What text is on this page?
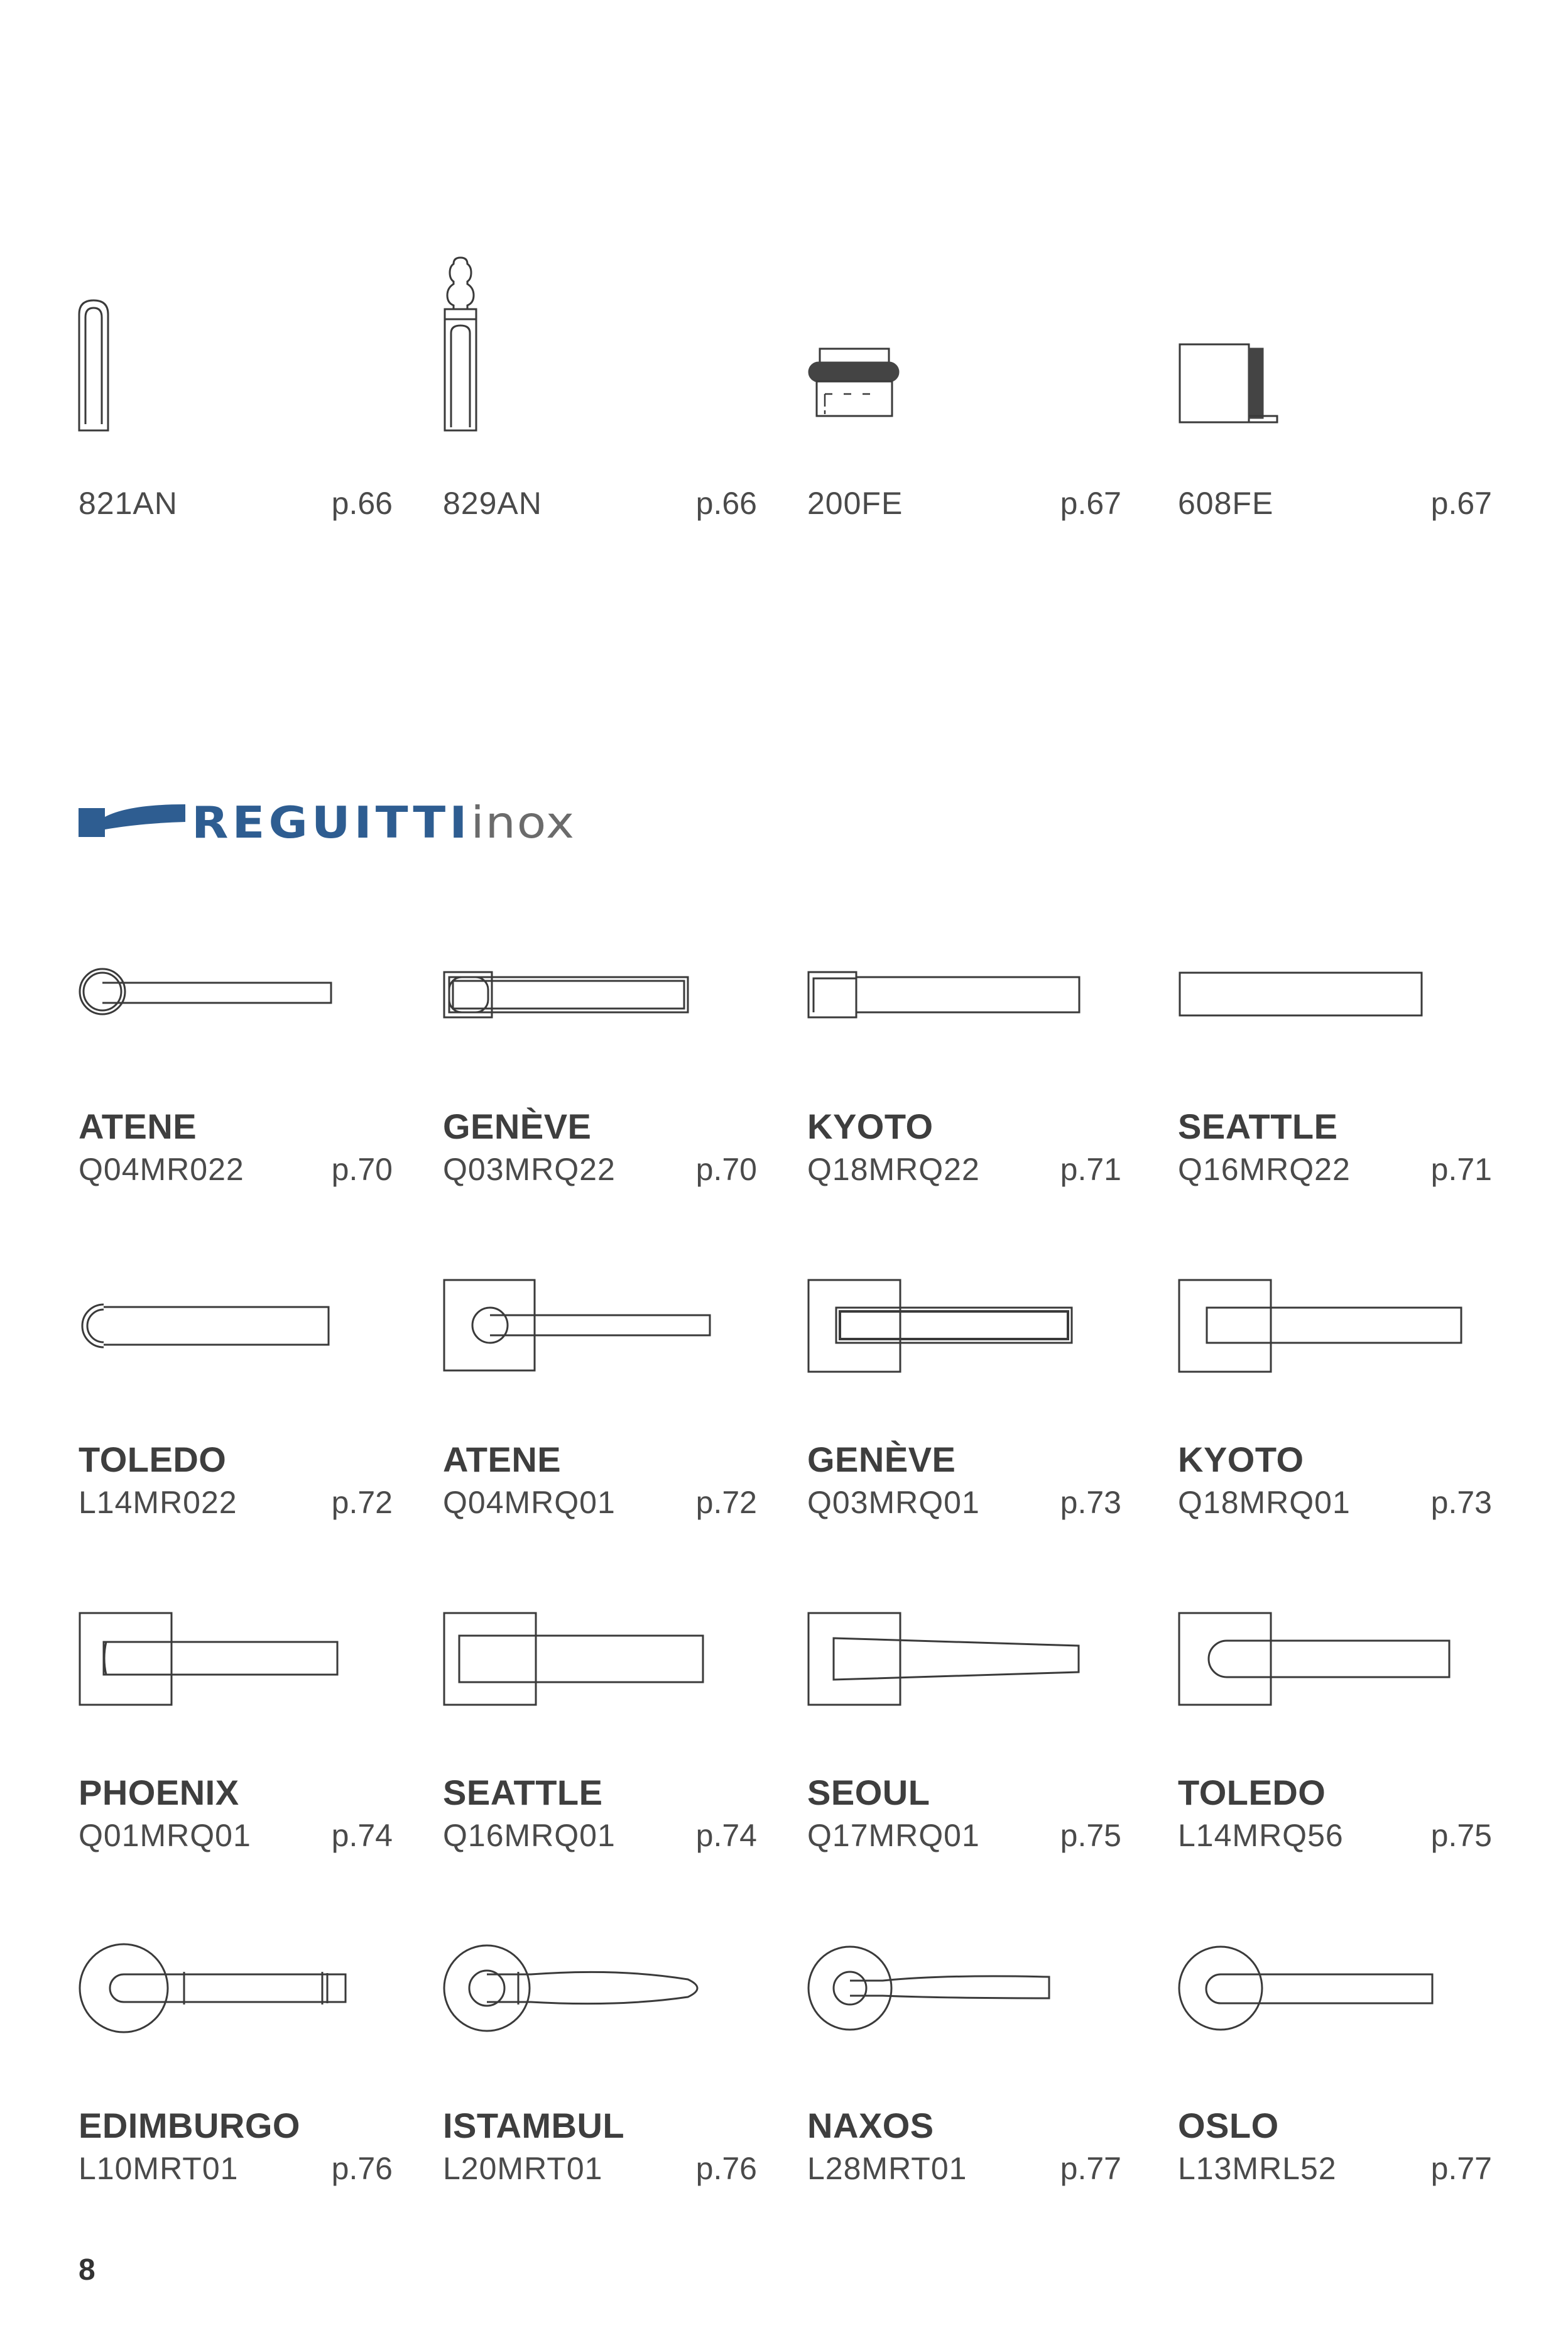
821AN	p.66 829AN	p.66 200FE	p.67 608FE	p.67
REGUITTIinox
ATENE
Q04MR022	p.70
GENÈVE
Q03MRQ22	p.70
KYOTO
Q18MRQ22	p.71
SEATTLE
Q16MRQ22	p.71
TOLEDO
L14MR022	p.72
ATENE
Q04MRQ01	p.72
GENÈVE
Q03MRQ01	p.73
KYOTO
Q18MRQ01	p.73
PHOENIX
Q01MRQ01	p.74
SEATTLE
Q16MRQ01	p.74
SEOUL
Q17MRQ01	p.75
TOLEDO
L14MRQ56	p.75
EDIMBURGO
L10MRT01	p.76
ISTAMBUL
L20MRT01	p.76
NAXOS
L28MRT01	p.77
OSLO
L13MRL52	p.77
8
